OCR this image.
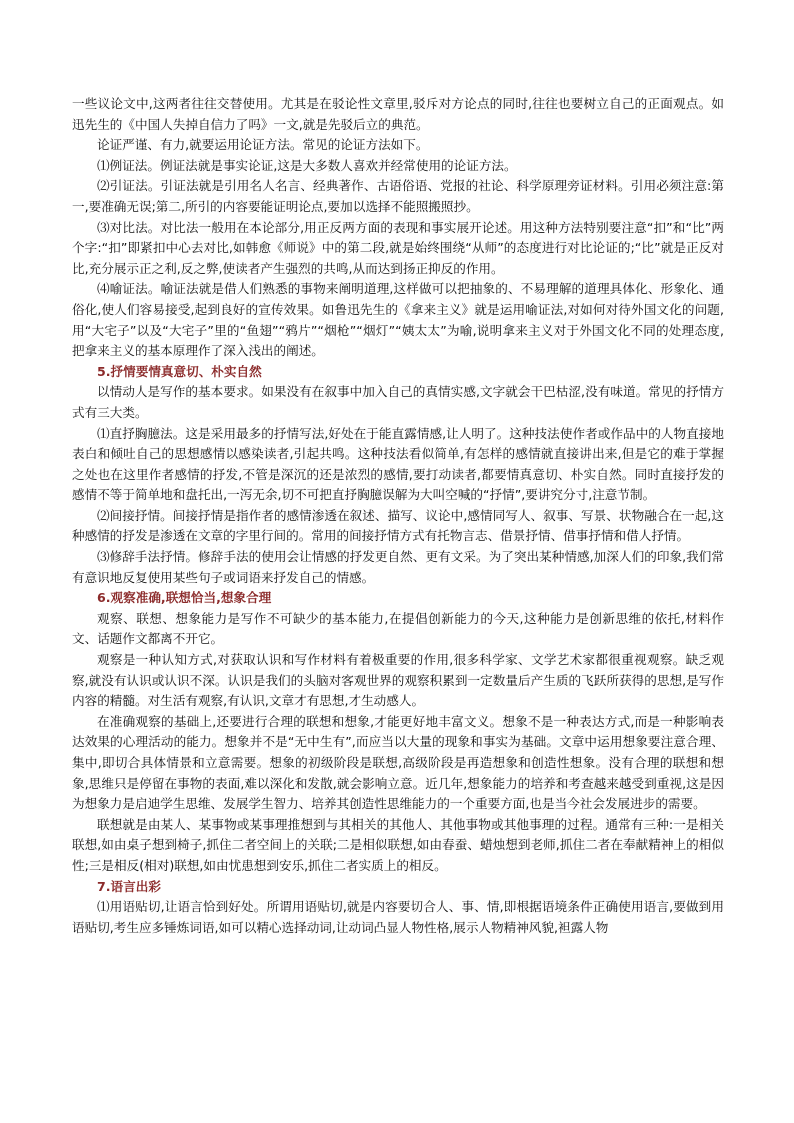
一些议论文中,这两者往往交替使用。尤其是在驳论性文章里,驳斥对方论点的同时,往往也要树立自己的正面观点。如迅先生的《中国人失掉自信力了吗》一文,就是先驳后立的典范。

论证严谨、有力,就要运用论证方法。常见的论证方法如下。

⑴例证法。例证法就是事实论证,这是大多数人喜欢并经常使用的论证方法。

⑵引证法。引证法就是引用名人名言、经典著作、古语俗语、党报的社论、科学原理旁证材料。引用必须注意:第一,要准确无误;第二,所引的内容要能证明论点,要加以选择不能照搬照抄。

⑶对比法。对比法一般用在本论部分,用正反两方面的表现和事实展开论述。用这种方法特别要注意“扣”和“比”两个字:“扣”即紧扣中心去对比,如韩愈《师说》中的第二段,就是始终围绕“从师”的态度进行对比论证的;“比”就是正反对比,充分展示正之利,反之弊,使读者产生强烈的共鸣,从而达到扬正抑反的作用。

⑷喻证法。喻证法就是借人们熟悉的事物来阐明道理,这样做可以把抽象的、不易理解的道理具体化、形象化、通俗化,使人们容易接受,起到良好的宣传效果。如鲁迅先生的《拿来主义》就是运用喻证法,对如何对待外国文化的问题,用“大宅子”以及“大宅子”里的“鱼翅”“鸦片”“烟枪”“烟灯”“姨太太”为喻,说明拿来主义对于外国文化不同的处理态度,把拿来主义的基本原理作了深入浅出的阐述。

5.抒情要情真意切、朴实自然

以情动人是写作的基本要求。如果没有在叙事中加入自己的真情实感,文字就会干巴枯涩,没有味道。常见的抒情方式有三大类。

⑴直抒胸臆法。这是采用最多的抒情写法,好处在于能直露情感,让人明了。这种技法使作者或作品中的人物直接地表白和倾吐自己的思想感情以感染读者,引起共鸣。这种技法看似简单,有怎样的感情就直接讲出来,但是它的难于掌握之处也在这里作者感情的抒发,不管是深沉的还是浓烈的感情,要打动读者,都要情真意切、朴实自然。同时直接抒发的感情不等于简单地和盘托出,一泻无余,切不可把直抒胸臆误解为大叫空喊的“抒情”,要讲究分寸,注意节制。

⑵间接抒情。间接抒情是指作者的感情渗透在叙述、描写、议论中,感情同写人、叙事、写景、状物融合在一起,这种感情的抒发是渗透在文章的字里行间的。常用的间接抒情方式有托物言志、借景抒情、借事抒情和借人抒情。

⑶修辞手法抒情。修辞手法的使用会让情感的抒发更自然、更有文采。为了突出某种情感,加深人们的印象,我们常有意识地反复使用某些句子或词语来抒发自己的情感。

6.观察准确,联想恰当,想象合理

观察、联想、想象能力是写作不可缺少的基本能力,在提倡创新能力的今天,这种能力是创新思维的依托,材料作文、话题作文都离不开它。

观察是一种认知方式,对获取认识和写作材料有着极重要的作用,很多科学家、文学艺术家都很重视观察。缺乏观察,就没有认识或认识不深。认识是我们的头脑对客观世界的观察积累到一定数量后产生质的飞跃所获得的思想,是写作内容的精髓。对生活有观察,有认识,文章才有思想,才生动感人。

在准确观察的基础上,还要进行合理的联想和想象,才能更好地丰富文义。想象不是一种表达方式,而是一种影响表达效果的心理活动的能力。想象并不是“无中生有”,而应当以大量的现象和事实为基础。文章中运用想象要注意合理、集中,即切合具体情景和立意需要。想象的初级阶段是联想,高级阶段是再造想象和创造性想象。没有合理的联想和想象,思维只是停留在事物的表面,难以深化和发散,就会影响立意。近几年,想象能力的培养和考查越来越受到重视,这是因为想象力是启迪学生思维、发展学生智力、培养其创造性思维能力的一个重要方面,也是当今社会发展进步的需要。

联想就是由某人、某事物或某事理推想到与其相关的其他人、其他事物或其他事理的过程。通常有三种:一是相关联想,如由桌子想到椅子,抓住二者空间上的关联;二是相似联想,如由春蚕、蜡烛想到老师,抓住二者在奉献精神上的相似性;三是相反(相对)联想,如由忧患想到安乐,抓住二者实质上的相反。

7.语言出彩

⑴用语贴切,让语言恰到好处。所谓用语贴切,就是内容要切合人、事、情,即根据语境条件正确使用语言,要做到用语贴切,考生应多锤炼词语,如可以精心选择动词,让动词凸显人物性格,展示人物精神风貌,袒露人物
